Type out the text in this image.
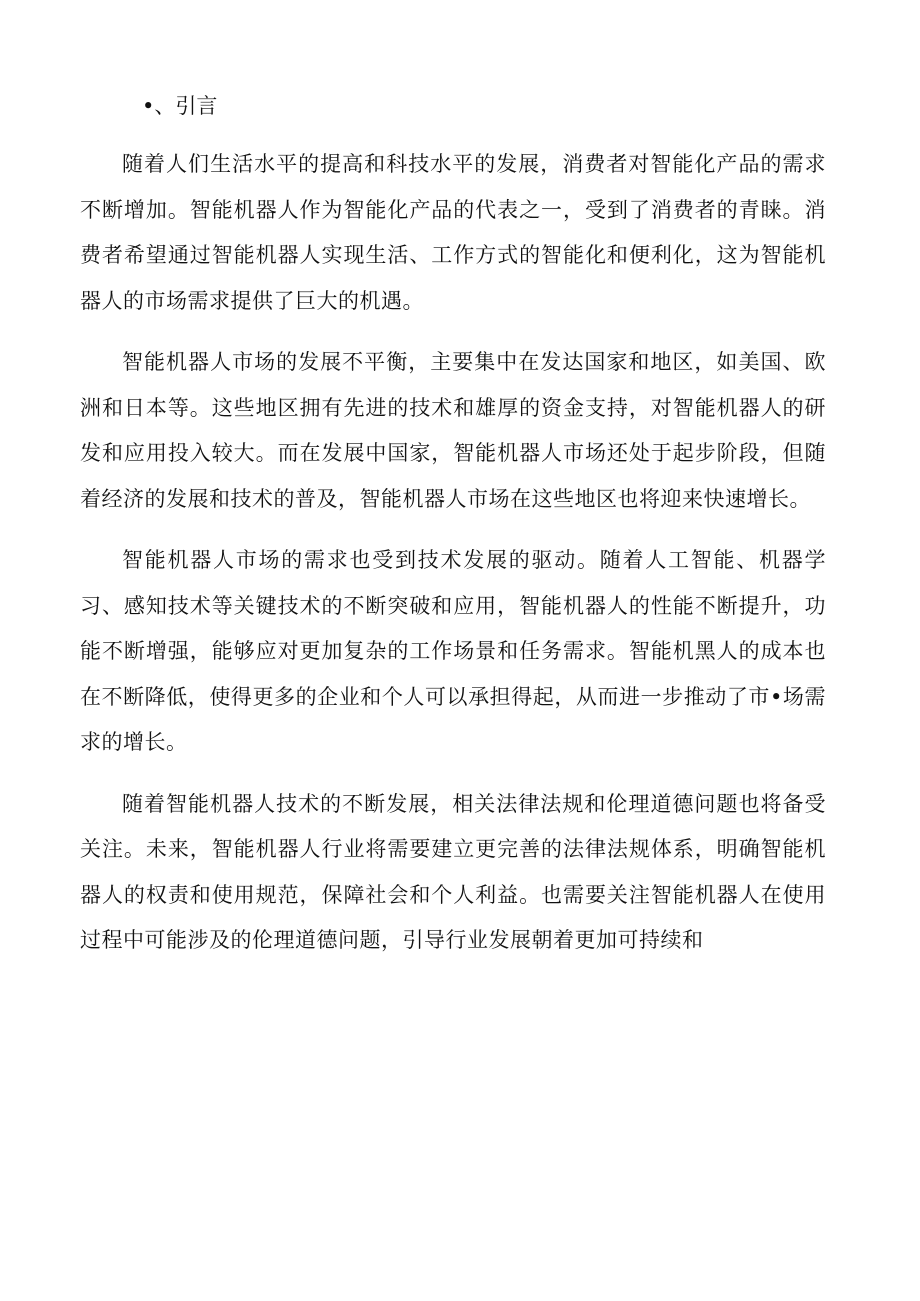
•、引言

随着人们生活水平的提高和科技水平的发展，消费者对智能化产品的需求不断增加。智能机器人作为智能化产品的代表之一，受到了消费者的青睐。消费者希望通过智能机器人实现生活、工作方式的智能化和便利化，这为智能机器人的市场需求提供了巨大的机遇。

智能机器人市场的发展不平衡，主要集中在发达国家和地区，如美国、欧洲和日本等。这些地区拥有先进的技术和雄厚的资金支持，对智能机器人的研发和应用投入较大。而在发展中国家，智能机器人市场还处于起步阶段，但随着经济的发展和技术的普及，智能机器人市场在这些地区也将迎来快速增长。

智能机器人市场的需求也受到技术发展的驱动。随着人工智能、机器学习、感知技术等关键技术的不断突破和应用，智能机器人的性能不断提升，功能不断增强，能够应对更加复杂的工作场景和任务需求。智能机黑人的成本也在不断降低，使得更多的企业和个人可以承担得起，从而进一步推动了市•场需求的增长。

随着智能机器人技术的不断发展，相关法律法规和伦理道德问题也将备受关注。未来，智能机器人行业将需要建立更完善的法律法规体系，明确智能机器人的权责和使用规范，保障社会和个人利益。也需要关注智能机器人在使用过程中可能涉及的伦理道德问题，引导行业发展朝着更加可持续和
